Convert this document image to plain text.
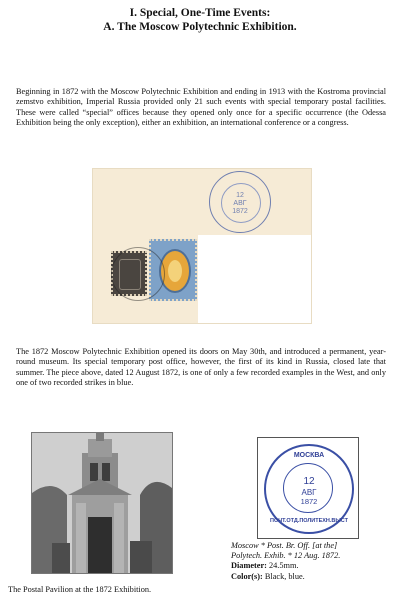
I. Special, One-Time Events:
A. The Moscow Polytechnic Exhibition.
Beginning in 1872 with the Moscow Polytechnic Exhibition and ending in 1913 with the Kostroma provincial zemstvo exhibition, Imperial Russia provided only 21 such events with special temporary postal facilities. These were called “special” offices because they opened only once for a specific occurrence (the Odessa Exhibition being the only exception), either an exhibition, an international conference or a congress.
12
АВГ
1872
The 1872 Moscow Polytechnic Exhibition opened its doors on May 30th, and introduced a permanent, year-round museum. Its special temporary post office, however, the first of its kind in Russia, closed late that summer. The piece above, dated 12 August 1872, is one of only a few recorded examples in the West, and only one of two recorded strikes in blue.
The Postal Pavilion at the 1872 Exhibition.
МОСКВА
12
АВГ
1872
ПОЧТ.ОТД.ПОЛИТЕХН.ВЫСТ
Moscow * Post. Br. Off. [at the]
Polytech. Exhib. * 12 Aug. 1872.
Diameter: 24.5mm.
Color(s): Black, blue.
